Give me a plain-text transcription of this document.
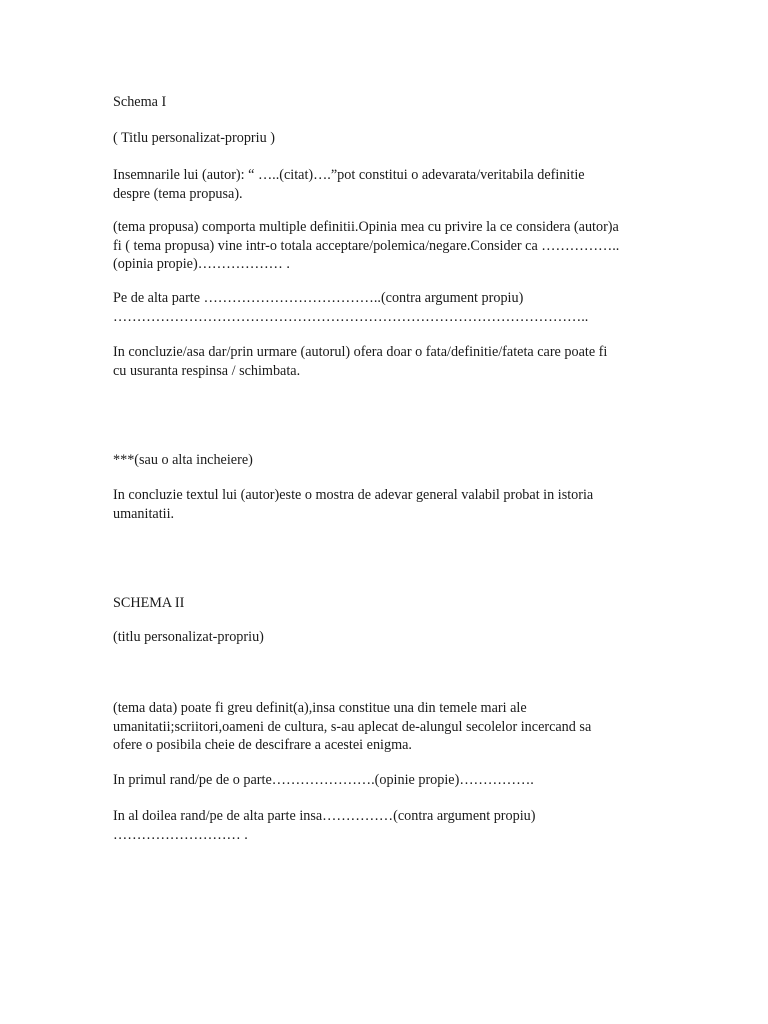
Schema I

( Titlu personalizat-propriu )

Insemnarile lui (autor): “ …..(citat)….”pot constitui o adevarata/veritabila definitie
despre (tema propusa).

(tema propusa) comporta multiple definitii.Opinia mea cu privire la ce considera (autor)a
fi ( tema propusa) vine intr-o totala acceptare/polemica/negare.Consider ca ……………..
(opinia propie)……………… .

Pe de alta parte ………………………………..(contra argument propiu)
………………………………………………………………………………………..

In concluzie/asa dar/prin urmare (autorul) ofera doar o fata/definitie/fateta care poate fi
cu usuranta respinsa / schimbata.

***(sau o alta incheiere)

In concluzie textul lui (autor)este o mostra de adevar general valabil probat in istoria
umanitatii.

SCHEMA II

(titlu personalizat-propriu)

(tema data) poate fi greu definit(a),insa constitue una din temele mari ale
umanitatii;scriitori,oameni de cultura, s-au aplecat de-alungul secolelor incercand sa
ofere o posibila cheie de descifrare a acestei enigma.

In primul rand/pe de o parte………………….(opinie propie)…………….

In al doilea rand/pe de alta parte insa……………(contra argument propiu)
……………………… .
